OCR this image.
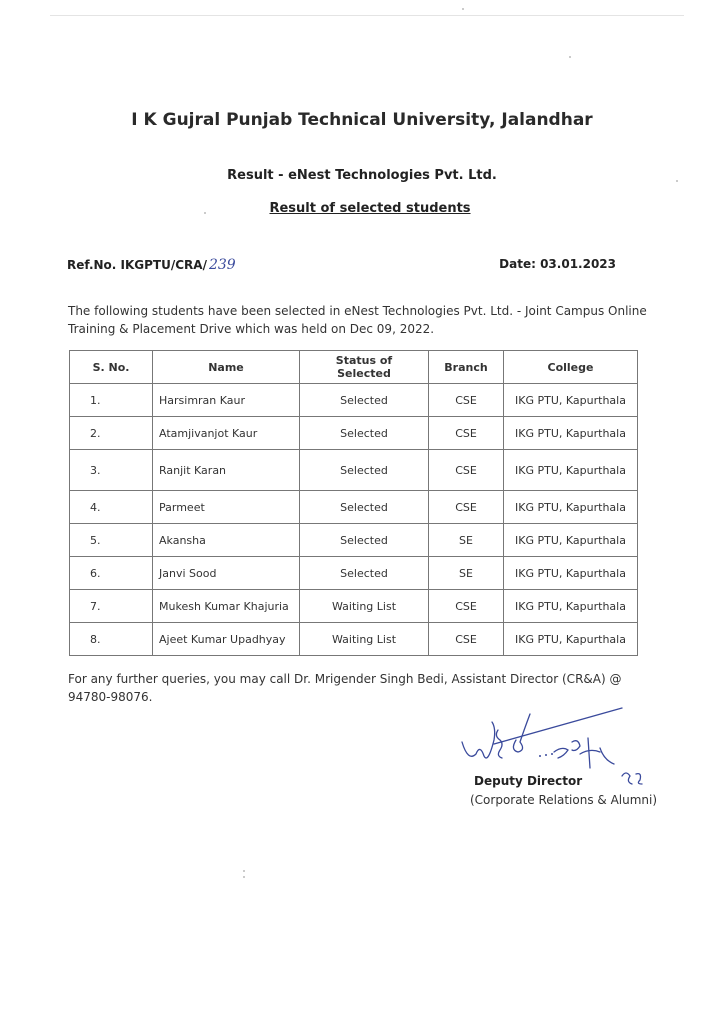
I K Gujral Punjab Technical University, Jalandhar
Result - eNest Technologies Pvt. Ltd.
Result of selected students
Ref.No. IKGPTU/CRA/ 239	Date: 03.01.2023
The following students have been selected in eNest Technologies Pvt. Ltd. - Joint Campus Online Training & Placement Drive which was held on Dec 09, 2022.
S. No.	Name	Status of Selected	Branch	College
1.	Harsimran Kaur	Selected	CSE	IKG PTU, Kapurthala
2.	Atamjivanjot Kaur	Selected	CSE	IKG PTU, Kapurthala
3.	Ranjit Karan	Selected	CSE	IKG PTU, Kapurthala
4.	Parmeet	Selected	CSE	IKG PTU, Kapurthala
5.	Akansha	Selected	SE	IKG PTU, Kapurthala
6.	Janvi Sood	Selected	SE	IKG PTU, Kapurthala
7.	Mukesh Kumar Khajuria	Waiting List	CSE	IKG PTU, Kapurthala
8.	Ajeet Kumar Upadhyay	Waiting List	CSE	IKG PTU, Kapurthala
For any further queries, you may call Dr. Mrigender Singh Bedi, Assistant Director (CR&A) @ 94780-98076.
Deputy Director
(Corporate Relations & Alumni)
